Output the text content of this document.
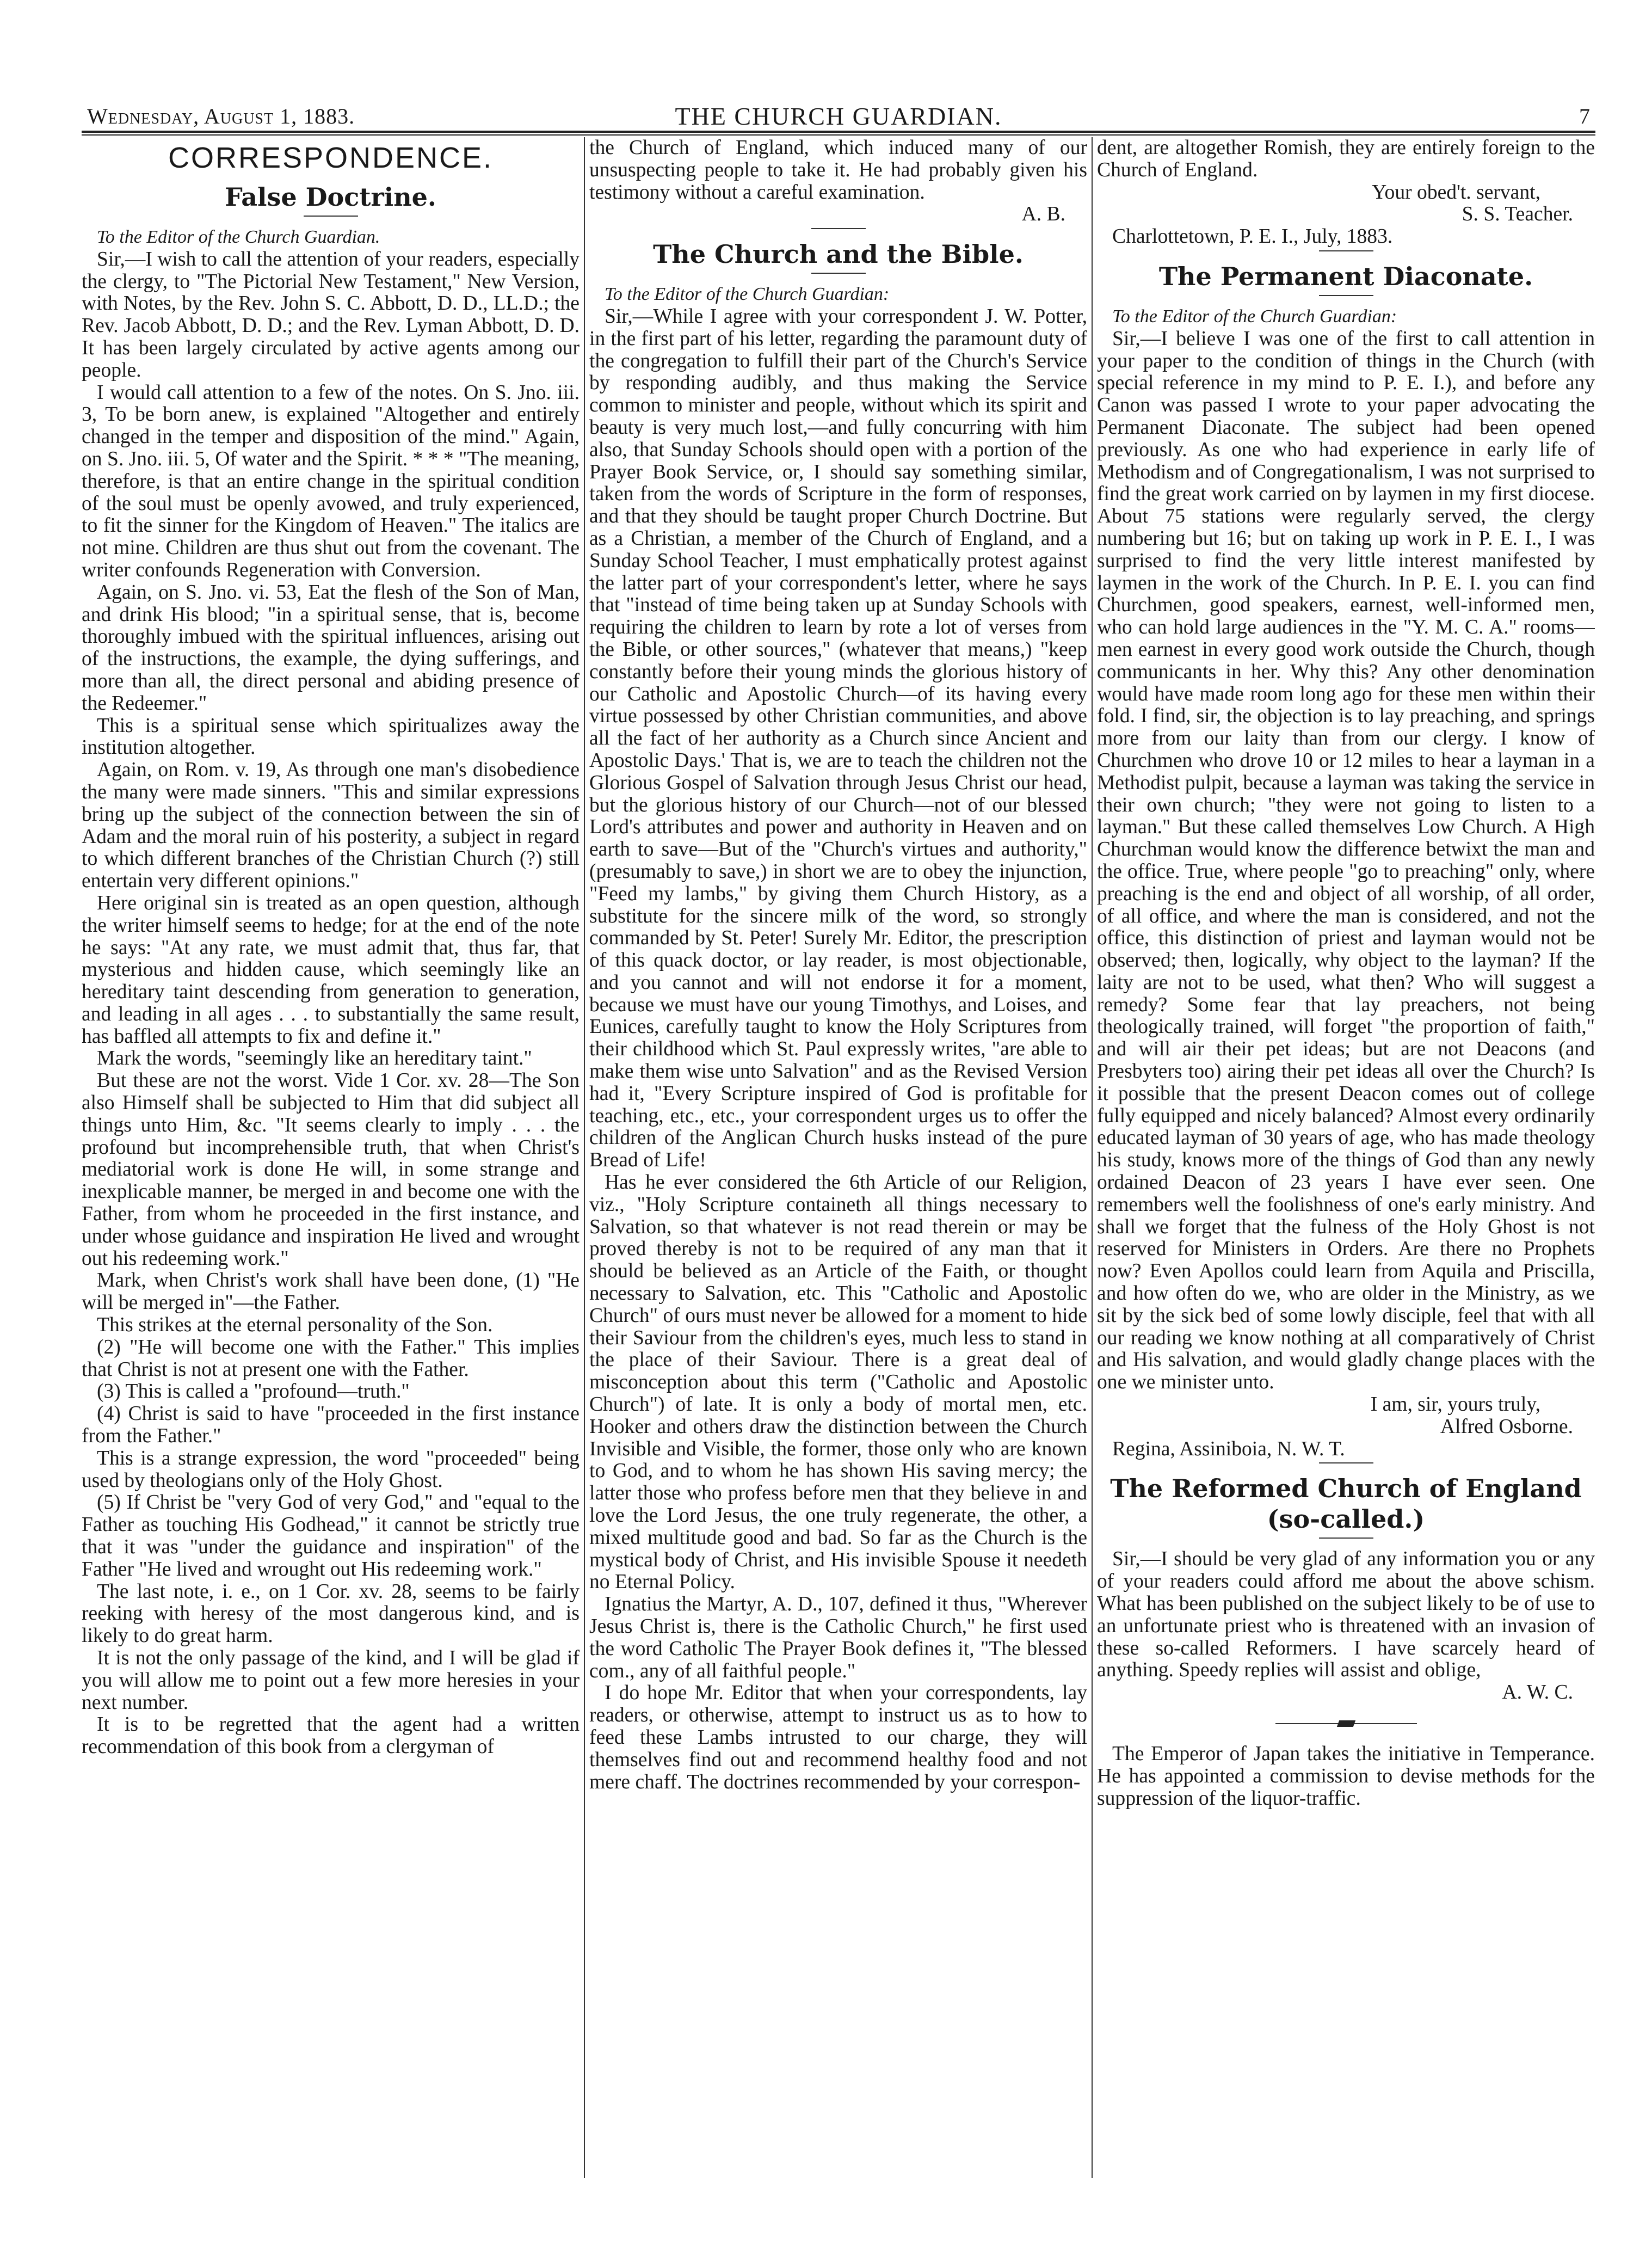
THE CHURCH GUARDIAN.
Wednesday, August 1, 1883.	7
CORRESPONDENCE.
False Doctrine.

To the Editor of the Church Guardian.

Sir,—I wish to call the attention of your readers, especially the clergy, to "The Pictorial New Testament," New Version, with Notes, by the Rev. John S. C. Abbott, D. D., LL.D.; the Rev. Jacob Abbott, D. D.; and the Rev. Lyman Abbott, D. D. It has been largely circulated by active agents among our people.

I would call attention to a few of the notes. On S. Jno. iii. 3, To be born anew, is explained "Altogether and entirely changed in the temper and disposition of the mind." Again, on S. Jno. iii. 5, Of water and the Spirit. * * * "The meaning, therefore, is that an entire change in the spiritual condition of the soul must be openly avowed, and truly experienced, to fit the sinner for the Kingdom of Heaven." The italics are not mine. Children are thus shut out from the covenant. The writer confounds Regeneration with Conversion.

Again, on S. Jno. vi. 53, Eat the flesh of the Son of Man, and drink His blood; "in a spiritual sense, that is, become thoroughly imbued with the spiritual influences, arising out of the instructions, the example, the dying sufferings, and more than all, the direct personal and abiding presence of the Redeemer."

This is a spiritual sense which spiritualizes away the institution altogether.

Again, on Rom. v. 19, As through one man's disobedience the many were made sinners. "This and similar expressions bring up the subject of the connection between the sin of Adam and the moral ruin of his posterity, a subject in regard to which different branches of the Christian Church (?) still entertain very different opinions."

Here original sin is treated as an open question, although the writer himself seems to hedge; for at the end of the note he says: "At any rate, we must admit that, thus far, that mysterious and hidden cause, which seemingly like an hereditary taint descending from generation to generation, and leading in all ages . . . to substantially the same result, has baffled all attempts to fix and define it."

Mark the words, "seemingly like an hereditary taint."

But these are not the worst. Vide 1 Cor. xv. 28—The Son also Himself shall be subjected to Him that did subject all things unto Him, &c. "It seems clearly to imply . . . the profound but incomprehensible truth, that when Christ's mediatorial work is done He will, in some strange and inexplicable manner, be merged in and become one with the Father, from whom he proceeded in the first instance, and under whose guidance and inspiration He lived and wrought out his redeeming work."

Mark, when Christ's work shall have been done, (1) "He will be merged in"—the Father.

This strikes at the eternal personality of the Son.

(2) "He will become one with the Father." This implies that Christ is not at present one with the Father.

(3) This is called a "profound—truth."

(4) Christ is said to have "proceeded in the first instance from the Father."

This is a strange expression, the word "proceeded" being used by theologians only of the Holy Ghost.

(5) If Christ be "very God of very God," and "equal to the Father as touching His Godhead," it cannot be strictly true that it was "under the guidance and inspiration" of the Father "He lived and wrought out His redeeming work."

The last note, i. e., on 1 Cor. xv. 28, seems to be fairly reeking with heresy of the most dangerous kind, and is likely to do great harm.

It is not the only passage of the kind, and I will be glad if you will allow me to point out a few more heresies in your next number.

It is to be regretted that the agent had a written recommendation of this book from a clergyman of

the Church of England, which induced many of our unsuspecting people to take it. He had probably given his testimony without a careful examination.

A. B.

The Church and the Bible.

To the Editor of the Church Guardian:

Sir,—While I agree with your correspondent J. W. Potter, in the first part of his letter, regarding the paramount duty of the congregation to fulfill their part of the Church's Service by responding audibly, and thus making the Service common to minister and people, without which its spirit and beauty is very much lost,—and fully concurring with him also, that Sunday Schools should open with a portion of the Prayer Book Service, or, I should say something similar, taken from the words of Scripture in the form of responses, and that they should be taught proper Church Doctrine. But as a Christian, a member of the Church of England, and a Sunday School Teacher, I must emphatically protest against the latter part of your correspondent's letter, where he says that "instead of time being taken up at Sunday Schools with requiring the children to learn by rote a lot of verses from the Bible, or other sources," (whatever that means,) "keep constantly before their young minds the glorious history of our Catholic and Apostolic Church—of its having every virtue possessed by other Christian communities, and above all the fact of her authority as a Church since Ancient and Apostolic Days.' That is, we are to teach the children not the Glorious Gospel of Salvation through Jesus Christ our head, but the glorious history of our Church—not of our blessed Lord's attributes and power and authority in Heaven and on earth to save—But of the "Church's virtues and authority," (presumably to save,) in short we are to obey the injunction, "Feed my lambs," by giving them Church History, as a substitute for the sincere milk of the word, so strongly commanded by St. Peter! Surely Mr. Editor, the prescription of this quack doctor, or lay reader, is most objectionable, and you cannot and will not endorse it for a moment, because we must have our young Timothys, and Loises, and Eunices, carefully taught to know the Holy Scriptures from their childhood which St. Paul expressly writes, "are able to make them wise unto Salvation" and as the Revised Version had it, "Every Scripture inspired of God is profitable for teaching, etc., etc., your correspondent urges us to offer the children of the Anglican Church husks instead of the pure Bread of Life!

Has he ever considered the 6th Article of our Religion, viz., "Holy Scripture containeth all things necessary to Salvation, so that whatever is not read therein or may be proved thereby is not to be required of any man that it should be believed as an Article of the Faith, or thought necessary to Salvation, etc. This "Catholic and Apostolic Church" of ours must never be allowed for a moment to hide their Saviour from the children's eyes, much less to stand in the place of their Saviour. There is a great deal of misconception about this term ("Catholic and Apostolic Church") of late. It is only a body of mortal men, etc. Hooker and others draw the distinction between the Church Invisible and Visible, the former, those only who are known to God, and to whom he has shown His saving mercy; the latter those who profess before men that they believe in and love the Lord Jesus, the one truly regenerate, the other, a mixed multitude good and bad. So far as the Church is the mystical body of Christ, and His invisible Spouse it needeth no Eternal Policy.

Ignatius the Martyr, A. D., 107, defined it thus, "Wherever Jesus Christ is, there is the Catholic Church," he first used the word Catholic The Prayer Book defines it, "The blessed com., any of all faithful people."

I do hope Mr. Editor that when your correspondents, lay readers, or otherwise, attempt to instruct us as to how to feed these Lambs intrusted to our charge, they will themselves find out and recommend healthy food and not mere chaff. The doctrines recommended by your correspon-

dent, are altogether Romish, they are entirely foreign to the Church of England.

Your obed't. servant,

S. S. Teacher.

Charlottetown, P. E. I., July, 1883.

The Permanent Diaconate.

To the Editor of the Church Guardian:

Sir,—I believe I was one of the first to call attention in your paper to the condition of things in the Church (with special reference in my mind to P. E. I.), and before any Canon was passed I wrote to your paper advocating the Permanent Diaconate. The subject had been opened previously. As one who had experience in early life of Methodism and of Congregationalism, I was not surprised to find the great work carried on by laymen in my first diocese. About 75 stations were regularly served, the clergy numbering but 16; but on taking up work in P. E. I., I was surprised to find the very little interest manifested by laymen in the work of the Church. In P. E. I. you can find Churchmen, good speakers, earnest, well-informed men, who can hold large audiences in the "Y. M. C. A." rooms—men earnest in every good work outside the Church, though communicants in her. Why this? Any other denomination would have made room long ago for these men within their fold. I find, sir, the objection is to lay preaching, and springs more from our laity than from our clergy. I know of Churchmen who drove 10 or 12 miles to hear a layman in a Methodist pulpit, because a layman was taking the service in their own church; "they were not going to listen to a layman." But these called themselves Low Church. A High Churchman would know the difference betwixt the man and the office. True, where people "go to preaching" only, where preaching is the end and object of all worship, of all order, of all office, and where the man is considered, and not the office, this distinction of priest and layman would not be observed; then, logically, why object to the layman? If the laity are not to be used, what then? Who will suggest a remedy? Some fear that lay preachers, not being theologically trained, will forget "the proportion of faith," and will air their pet ideas; but are not Deacons (and Presbyters too) airing their pet ideas all over the Church? Is it possible that the present Deacon comes out of college fully equipped and nicely balanced? Almost every ordinarily educated layman of 30 years of age, who has made theology his study, knows more of the things of God than any newly ordained Deacon of 23 years I have ever seen. One remembers well the foolishness of one's early ministry. And shall we forget that the fulness of the Holy Ghost is not reserved for Ministers in Orders. Are there no Prophets now? Even Apollos could learn from Aquila and Priscilla, and how often do we, who are older in the Ministry, as we sit by the sick bed of some lowly disciple, feel that with all our reading we know nothing at all comparatively of Christ and His salvation, and would gladly change places with the one we minister unto.

I am, sir, yours truly,

Alfred Osborne.

Regina, Assiniboia, N. W. T.

The Reformed Church of England (so-called.)

Sir,—I should be very glad of any information you or any of your readers could afford me about the above schism. What has been published on the subject likely to be of use to an unfortunate priest who is threatened with an invasion of these so-called Reformers. I have scarcely heard of anything. Speedy replies will assist and oblige,

A. W. C.

The Emperor of Japan takes the initiative in Temperance. He has appointed a commission to devise methods for the suppression of the liquor-traffic.
